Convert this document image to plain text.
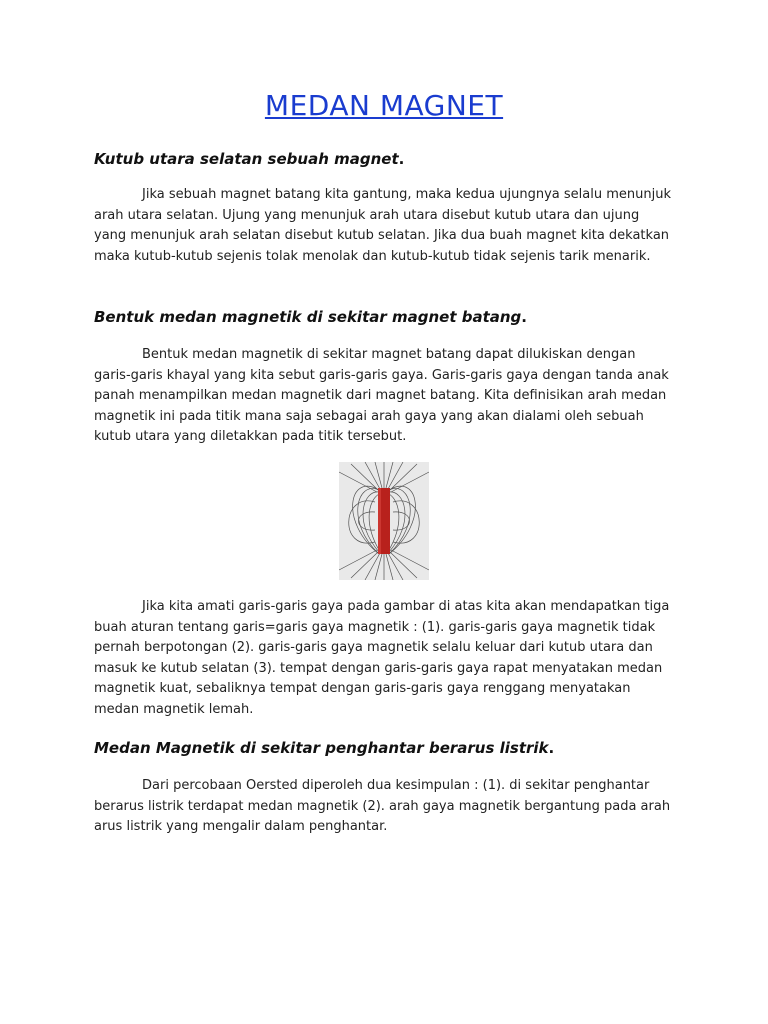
MEDAN MAGNET
Kutub utara selatan sebuah magnet.

Jika sebuah magnet batang kita gantung, maka kedua ujungnya selalu menunjuk arah utara selatan. Ujung yang menunjuk arah utara disebut kutub utara dan ujung yang menunjuk arah selatan disebut kutub selatan. Jika dua buah magnet kita dekatkan maka kutub-kutub sejenis tolak menolak dan kutub-kutub tidak sejenis tarik menarik.

Bentuk medan magnetik di sekitar magnet batang.

Bentuk medan magnetik di sekitar magnet batang dapat dilukiskan dengan garis-garis khayal yang kita sebut garis-garis gaya. Garis-garis gaya dengan tanda anak panah menampilkan medan magnetik dari magnet batang. Kita definisikan arah medan magnetik ini pada titik mana saja sebagai arah gaya yang akan dialami oleh sebuah kutub utara yang diletakkan pada titik tersebut.

Jika kita amati garis-garis gaya pada gambar di atas kita akan mendapatkan tiga buah aturan tentang garis=garis gaya magnetik : (1). garis-garis gaya magnetik tidak pernah berpotongan (2). garis-garis gaya magnetik selalu keluar dari kutub utara dan masuk ke kutub selatan (3). tempat dengan garis-garis gaya rapat menyatakan medan magnetik kuat, sebaliknya tempat dengan garis-garis gaya renggang menyatakan medan magnetik lemah.

Medan Magnetik di sekitar penghantar berarus listrik.

Dari percobaan Oersted diperoleh dua kesimpulan : (1). di sekitar penghantar berarus listrik terdapat medan magnetik (2). arah gaya magnetik bergantung pada arah arus listrik yang mengalir dalam penghantar.
